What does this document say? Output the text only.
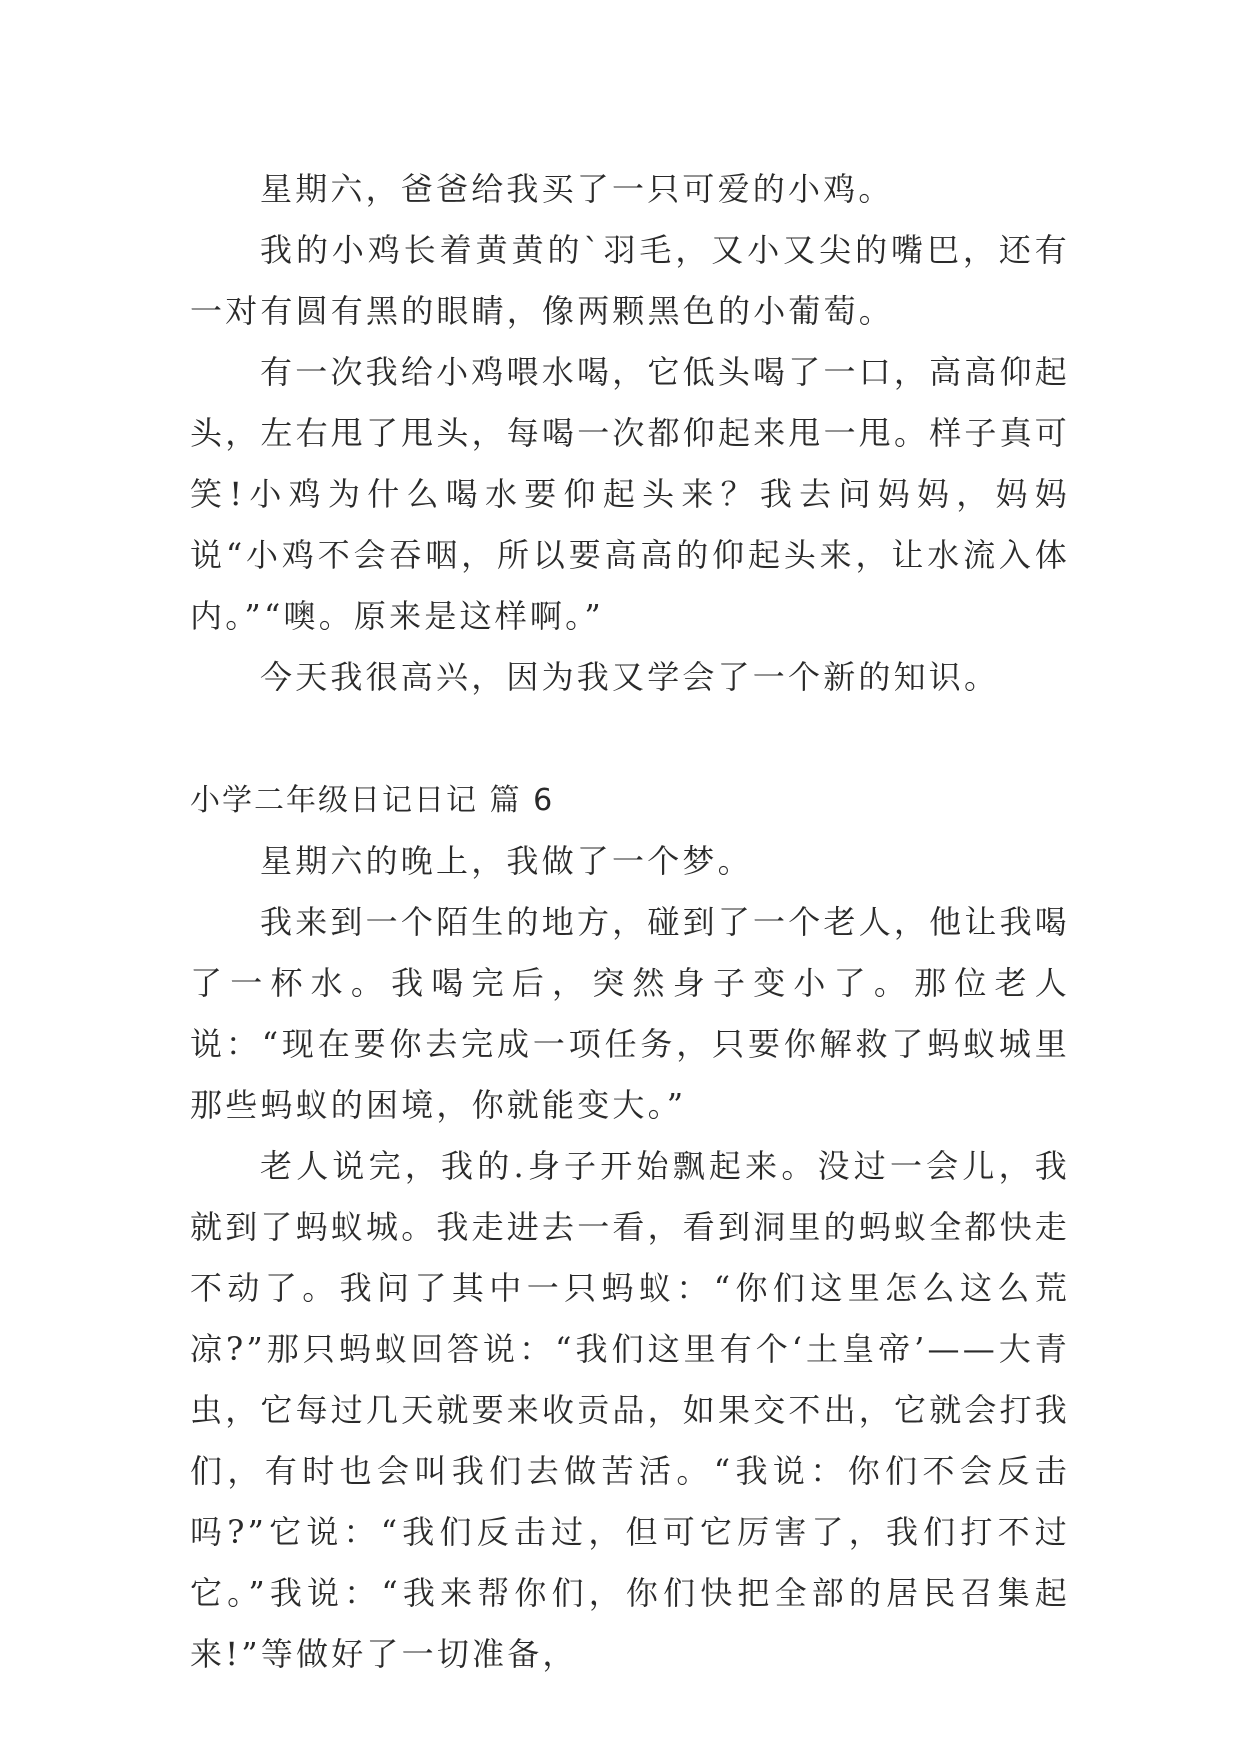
星期六，爸爸给我买了一只可爱的小鸡。

我的小鸡长着黄黄的`羽毛，又小又尖的嘴巴，还有一对有圆有黑的眼睛，像两颗黑色的小葡萄。

有一次我给小鸡喂水喝，它低头喝了一口，高高仰起头，左右甩了甩头，每喝一次都仰起来甩一甩。样子真可笑!小鸡为什么喝水要仰起头来？我去问妈妈，妈妈说“小鸡不会吞咽，所以要高高的仰起头来，让水流入体内。”“噢。原来是这样啊。”

今天我很高兴，因为我又学会了一个新的知识。

小学二年级日记日记 篇 6

星期六的晚上，我做了一个梦。

我来到一个陌生的地方，碰到了一个老人，他让我喝了一杯水。我喝完后，突然身子变小了。那位老人说：“现在要你去完成一项任务，只要你解救了蚂蚁城里那些蚂蚁的困境，你就能变大。”

老人说完，我的.身子开始飘起来。没过一会儿，我就到了蚂蚁城。我走进去一看，看到洞里的蚂蚁全都快走不动了。我问了其中一只蚂蚁：“你们这里怎么这么荒凉?”那只蚂蚁回答说：“我们这里有个‘土皇帝’——大青虫，它每过几天就要来收贡品，如果交不出，它就会打我们，有时也会叫我们去做苦活。“我说：你们不会反击吗?”它说：“我们反击过，但可它厉害了，我们打不过它。”我说：“我来帮你们，你们快把全部的居民召集起来!”等做好了一切准备，
